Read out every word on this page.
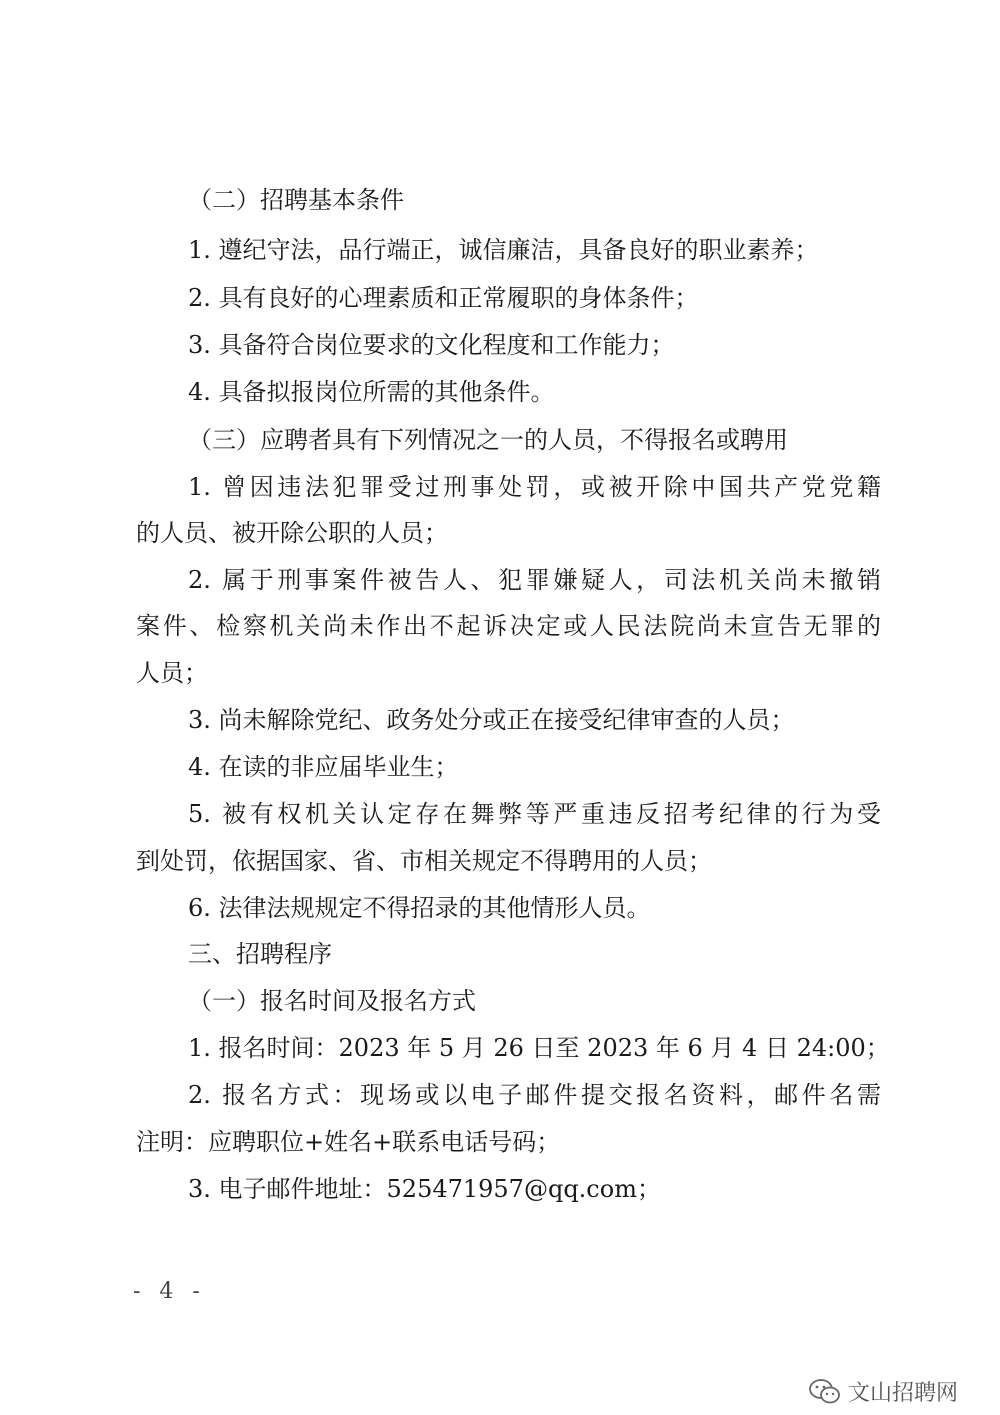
（二）招聘基本条件
1. 遵纪守法，品行端正，诚信廉洁，具备良好的职业素养；
2. 具有良好的心理素质和正常履职的身体条件；
3. 具备符合岗位要求的文化程度和工作能力；
4. 具备拟报岗位所需的其他条件。
（三）应聘者具有下列情况之一的人员，不得报名或聘用
1. 曾因违法犯罪受过刑事处罚，或被开除中国共产党党籍
的人员、被开除公职的人员；
2. 属于刑事案件被告人、犯罪嫌疑人，司法机关尚未撤销
案件、检察机关尚未作出不起诉决定或人民法院尚未宣告无罪的
人员；
3. 尚未解除党纪、政务处分或正在接受纪律审查的人员；
4. 在读的非应届毕业生；
5. 被有权机关认定存在舞弊等严重违反招考纪律的行为受
到处罚，依据国家、省、市相关规定不得聘用的人员；
6. 法律法规规定不得招录的其他情形人员。
三、招聘程序
（一）报名时间及报名方式
1. 报名时间：2023 年 5 月 26 日至 2023 年 6 月 4 日 24:00；
2. 报名方式：现场或以电子邮件提交报名资料，邮件名需
注明：应聘职位+姓名+联系电话号码；
3. 电子邮件地址：525471957@qq.com；
- 4 -
文山招聘网
